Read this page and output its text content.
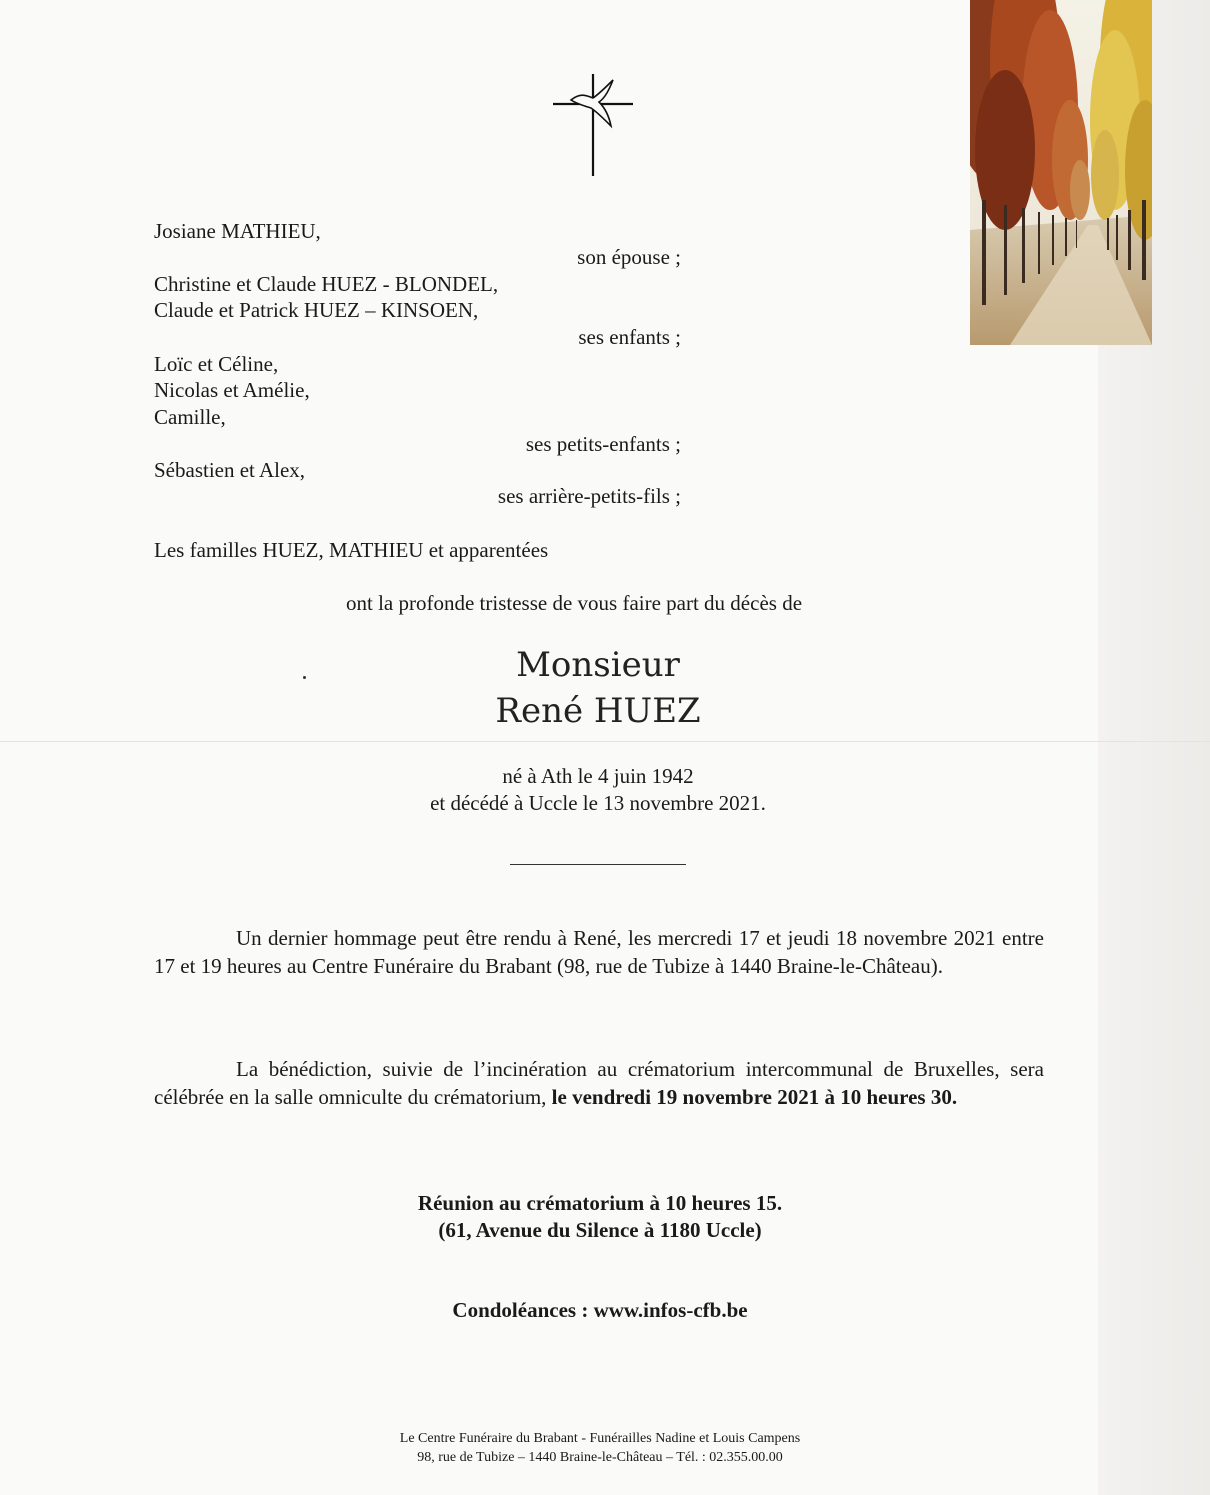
Josiane MATHIEU,
son épouse ;
Christine et Claude HUEZ - BLONDEL,
Claude et Patrick HUEZ – KINSOEN,
ses enfants ;
Loïc et Céline,
Nicolas et Amélie,
Camille,
ses petits-enfants ;
Sébastien et Alex,
ses arrière-petits-fils ;
Les familles HUEZ, MATHIEU et apparentées
ont la profonde tristesse de vous faire part du décès de
Monsieur
René HUEZ
né à Ath le 4 juin 1942
et décédé à Uccle le 13 novembre 2021.
Un dernier hommage peut être rendu à René, les mercredi 17 et jeudi 18 novembre 2021 entre 17 et 19 heures au Centre Funéraire du Brabant (98, rue de Tubize à 1440 Braine-le-Château).
La bénédiction, suivie de l’incinération au crématorium intercommunal de Bruxelles, sera célébrée en la salle omniculte du crématorium, le vendredi 19 novembre 2021 à 10 heures 30.
Réunion au crématorium à 10 heures 15.
(61, Avenue du Silence à 1180 Uccle)
Condoléances : www.infos-cfb.be
Le Centre Funéraire du Brabant - Funérailles Nadine et Louis Campens
98, rue de Tubize – 1440 Braine-le-Château – Tél. : 02.355.00.00
